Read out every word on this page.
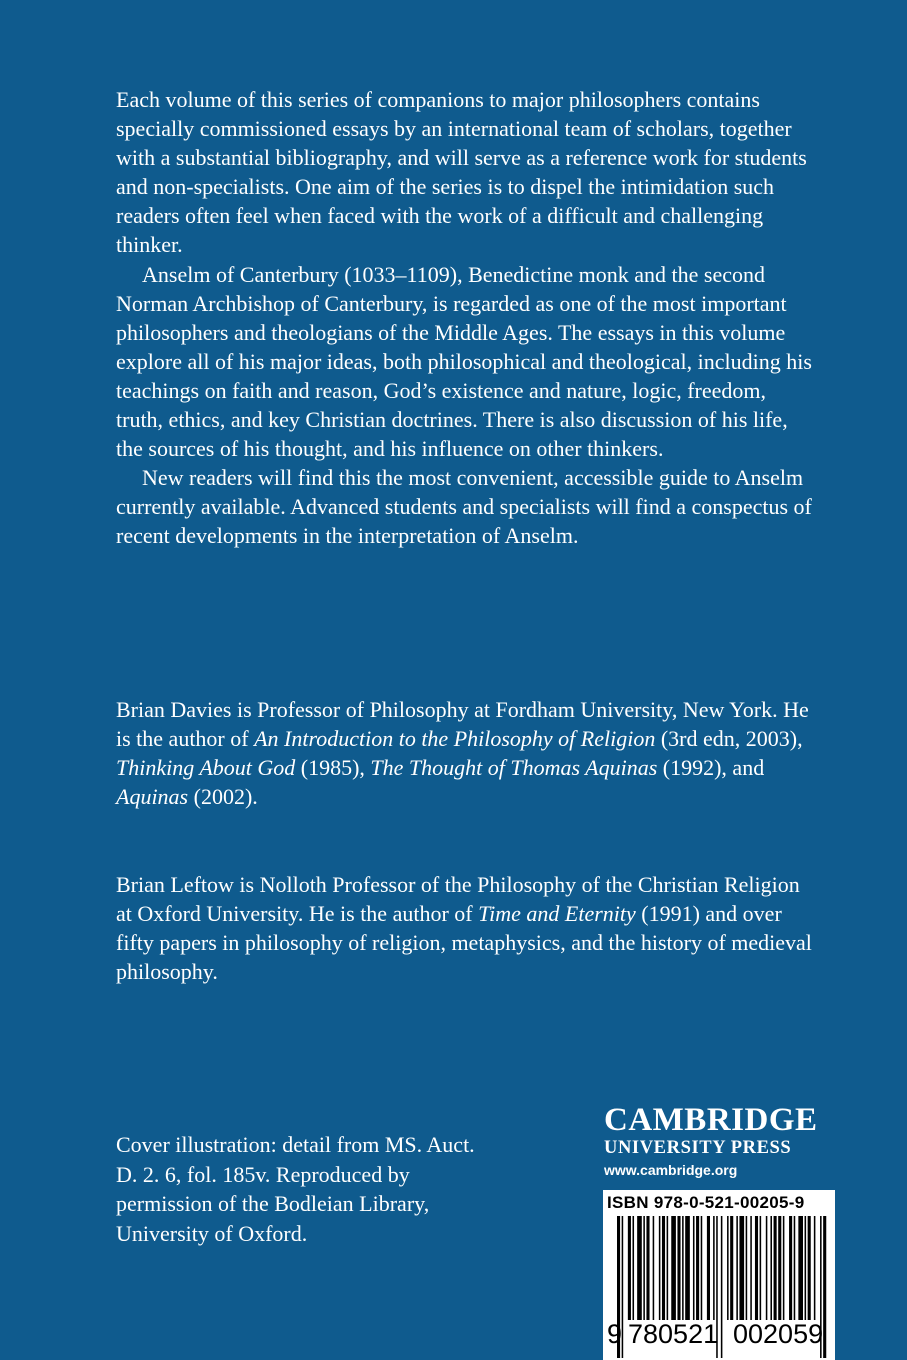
Each volume of this series of companions to major philosophers contains specially commissioned essays by an international team of scholars, together with a substantial bibliography, and will serve as a reference work for students and non-specialists. One aim of the series is to dispel the intimidation such readers often feel when faced with the work of a difficult and challenging thinker.

Anselm of Canterbury (1033–1109), Benedictine monk and the second Norman Archbishop of Canterbury, is regarded as one of the most important philosophers and theologians of the Middle Ages. The essays in this volume explore all of his major ideas, both philosophical and theological, including his teachings on faith and reason, God’s existence and nature, logic, freedom, truth, ethics, and key Christian doctrines. There is also discussion of his life, the sources of his thought, and his influence on other thinkers.

New readers will find this the most convenient, accessible guide to Anselm currently available. Advanced students and specialists will find a conspectus of recent developments in the interpretation of Anselm.

Brian Davies is Professor of Philosophy at Fordham University, New York. He is the author of An Introduction to the Philosophy of Religion (3rd edn, 2003), Thinking About God (1985), The Thought of Thomas Aquinas (1992), and Aquinas (2002).

Brian Leftow is Nolloth Professor of the Philosophy of the Christian Religion at Oxford University. He is the author of Time and Eternity (1991) and over fifty papers in philosophy of religion, metaphysics, and the history of medieval philosophy.

Cover illustration: detail from MS. Auct.
D. 2. 6, fol. 185v. Reproduced by
permission of the Bodleian Library,
University of Oxford.
CAMBRIDGE
UNIVERSITY PRESS
www.cambridge.org
ISBN 978-0-521-00205-9
9 780521 002059
